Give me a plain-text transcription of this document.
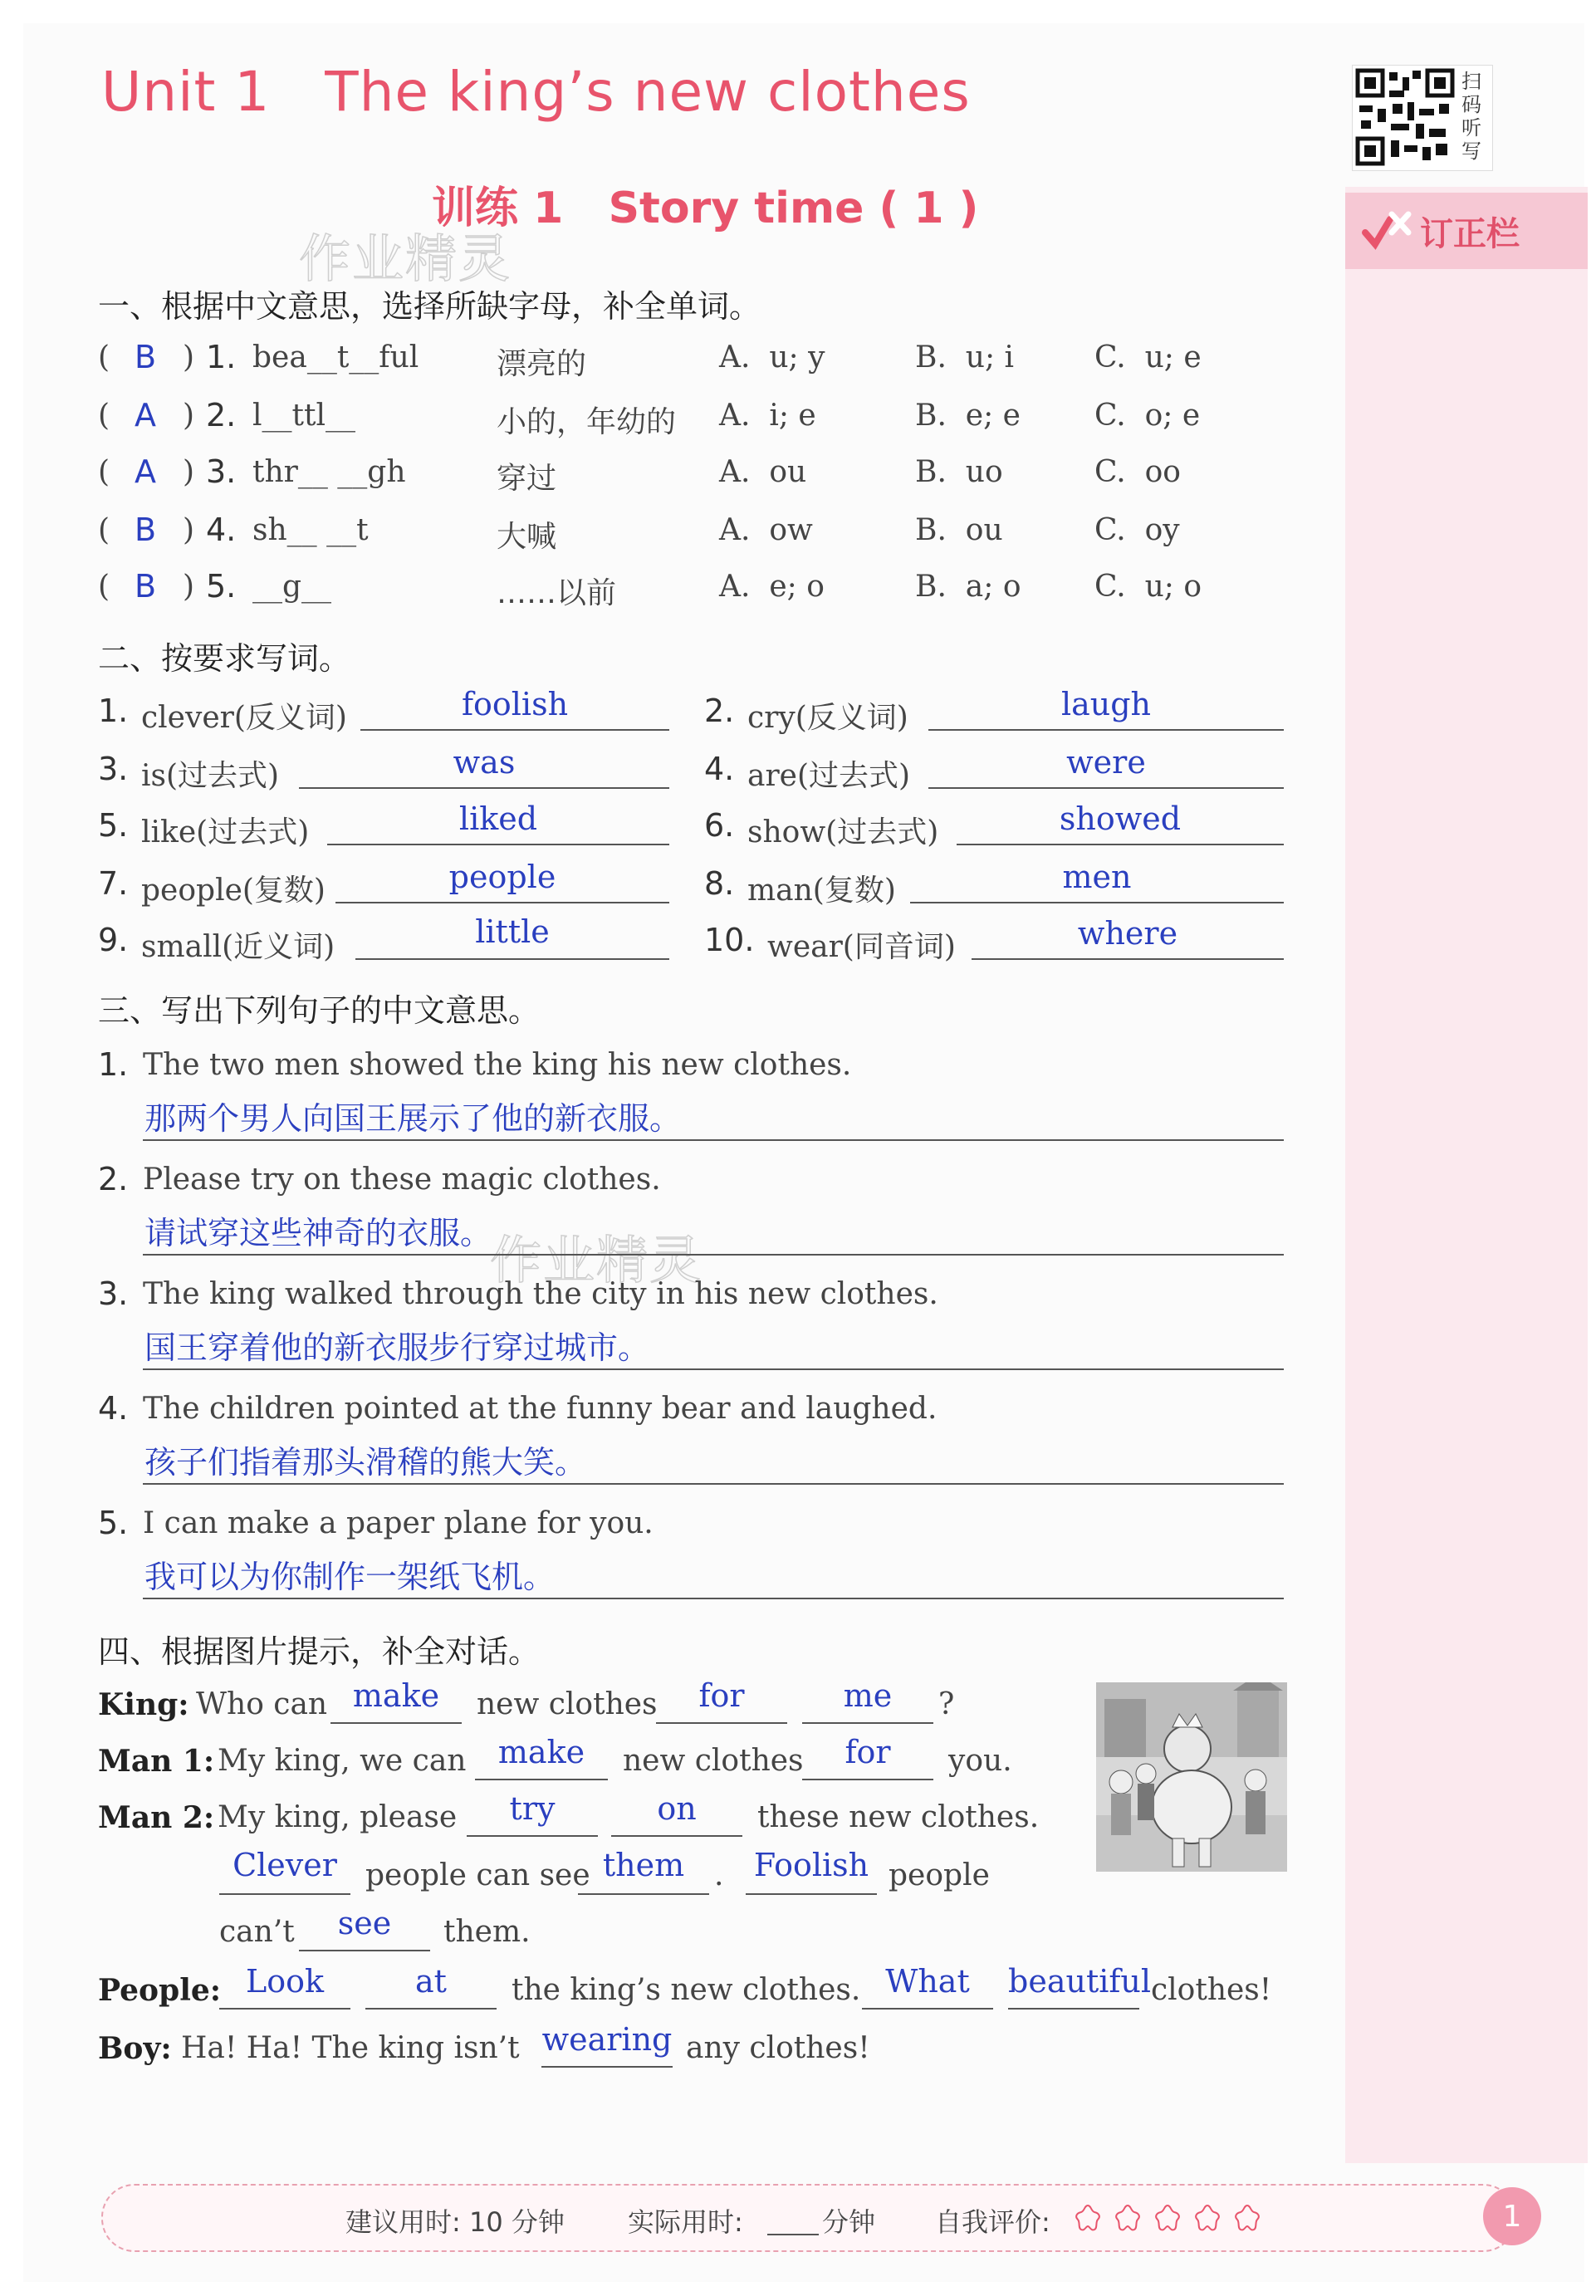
订正栏
Unit 1   The king’s new clothes
训练 1   Story time ( 1 )
扫码听写
作业精灵
作业精灵
一、根据中文意思，选择所缺字母，补全单词。
( B ) 1. bea__t__ful	漂亮的	A.  u; y	B.  u; i	C.  u; e
( A ) 2. l__ttl__	小的，年幼的 A.  i; e	B.  e; e C.  o; e
( A ) 3. thr__ __gh	穿过	A.  ou	B.  uo	C.  oo
( B ) 4. sh__ __t	大喊	A.  ow	B.  ou	C.  oy
( B ) 5. __g__	……以前	A.  e; o	B.  a; o C.  u; o
二、按要求写词。
1. clever(反义词)	foolish	2. cry(反义词)	laugh
3. is(过去式)	was	4. are(过去式)	were
5. like(过去式)	liked	6. show(过去式)	showed
7. people(复数)	people	8. man(复数)	men
9. small(近义词)	little	10. wear(同音词)	where
三、写出下列句子的中文意思。
1. The two men showed the king his new clothes.
那两个男人向国王展示了他的新衣服。
2. Please try on these magic clothes.
请试穿这些神奇的衣服。
3. The king walked through the city in his new clothes.
国王穿着他的新衣服步行穿过城市。
4. The children pointed at the funny bear and laughed.
孩子们指着那头滑稽的熊大笑。
5. I can make a paper plane for you.
我可以为你制作一架纸飞机。
四、根据图片提示，补全对话。
King: Who can make	new clothes	for	me	?
Man 1: My king, we can	make	new clothes	for	you.
Man 2: My king, please	try	on	these new clothes.
Clever people can see them . Foolish people
can’t	see	them.
People: Look	at	the king’s new clothes. What	beautiful clothes!
Boy: Ha! Ha! The king isn’t wearing any clothes!
建议用时: 10 分钟 实际用时:	分钟 自我评价:	1
